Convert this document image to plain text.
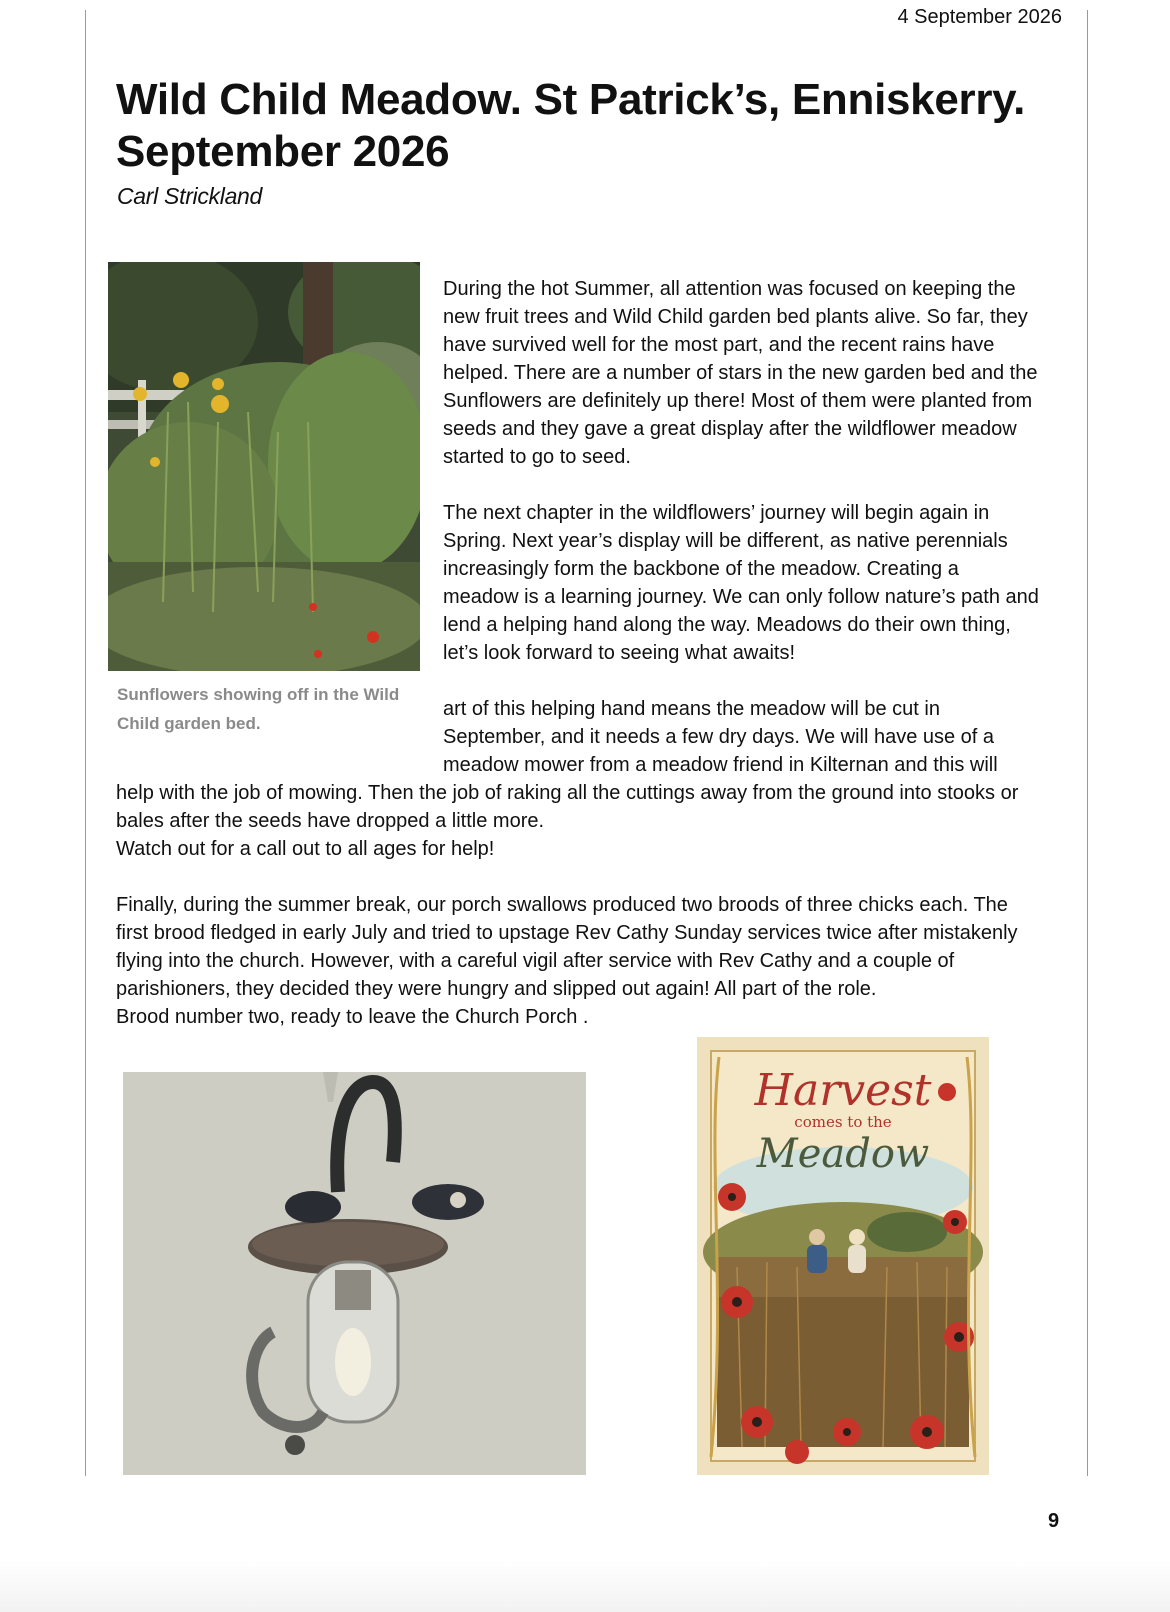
4 September 2026
Wild Child Meadow. St Patrick’s, Enniskerry.
September 2026
Carl Strickland
Sunflowers showing off in the Wild
Child garden bed.
During the hot Summer, all attention was focused on keeping the
new fruit trees and Wild Child garden bed plants alive. So far, they
have survived well for the most part, and the recent rains have
helped. There are a number of stars in the new garden bed and the
Sunflowers are definitely up there! Most of them were planted from
seeds and they gave a great display after the wildflower meadow
started to go to seed.
The next chapter in the wildflowers’ journey will begin again in
Spring. Next year’s display will be different, as native perennials
increasingly form the backbone of the meadow. Creating a
meadow is a learning journey. We can only follow nature’s path and
lend a helping hand along the way. Meadows do their own thing,
let’s look forward to seeing what awaits!
art of this helping hand means the meadow will be cut in
September, and it needs a few dry days. We will have use of a
meadow mower from a meadow friend in Kilternan and this will
help with the job of mowing. Then the job of raking all the cuttings away from the ground into stooks or
bales after the seeds have dropped a little more.
Watch out for a call out to all ages for help!
Finally, during the summer break, our porch swallows produced two broods of three chicks each. The
first brood fledged in early July and tried to upstage Rev Cathy Sunday services twice after mistakenly
flying into the church. However, with a careful vigil after service with Rev Cathy and a couple of
parishioners, they decided they were hungry and slipped out again! All part of the role.
Brood number two, ready to leave the Church Porch .
Harvest
comes to the
Meadow
9
